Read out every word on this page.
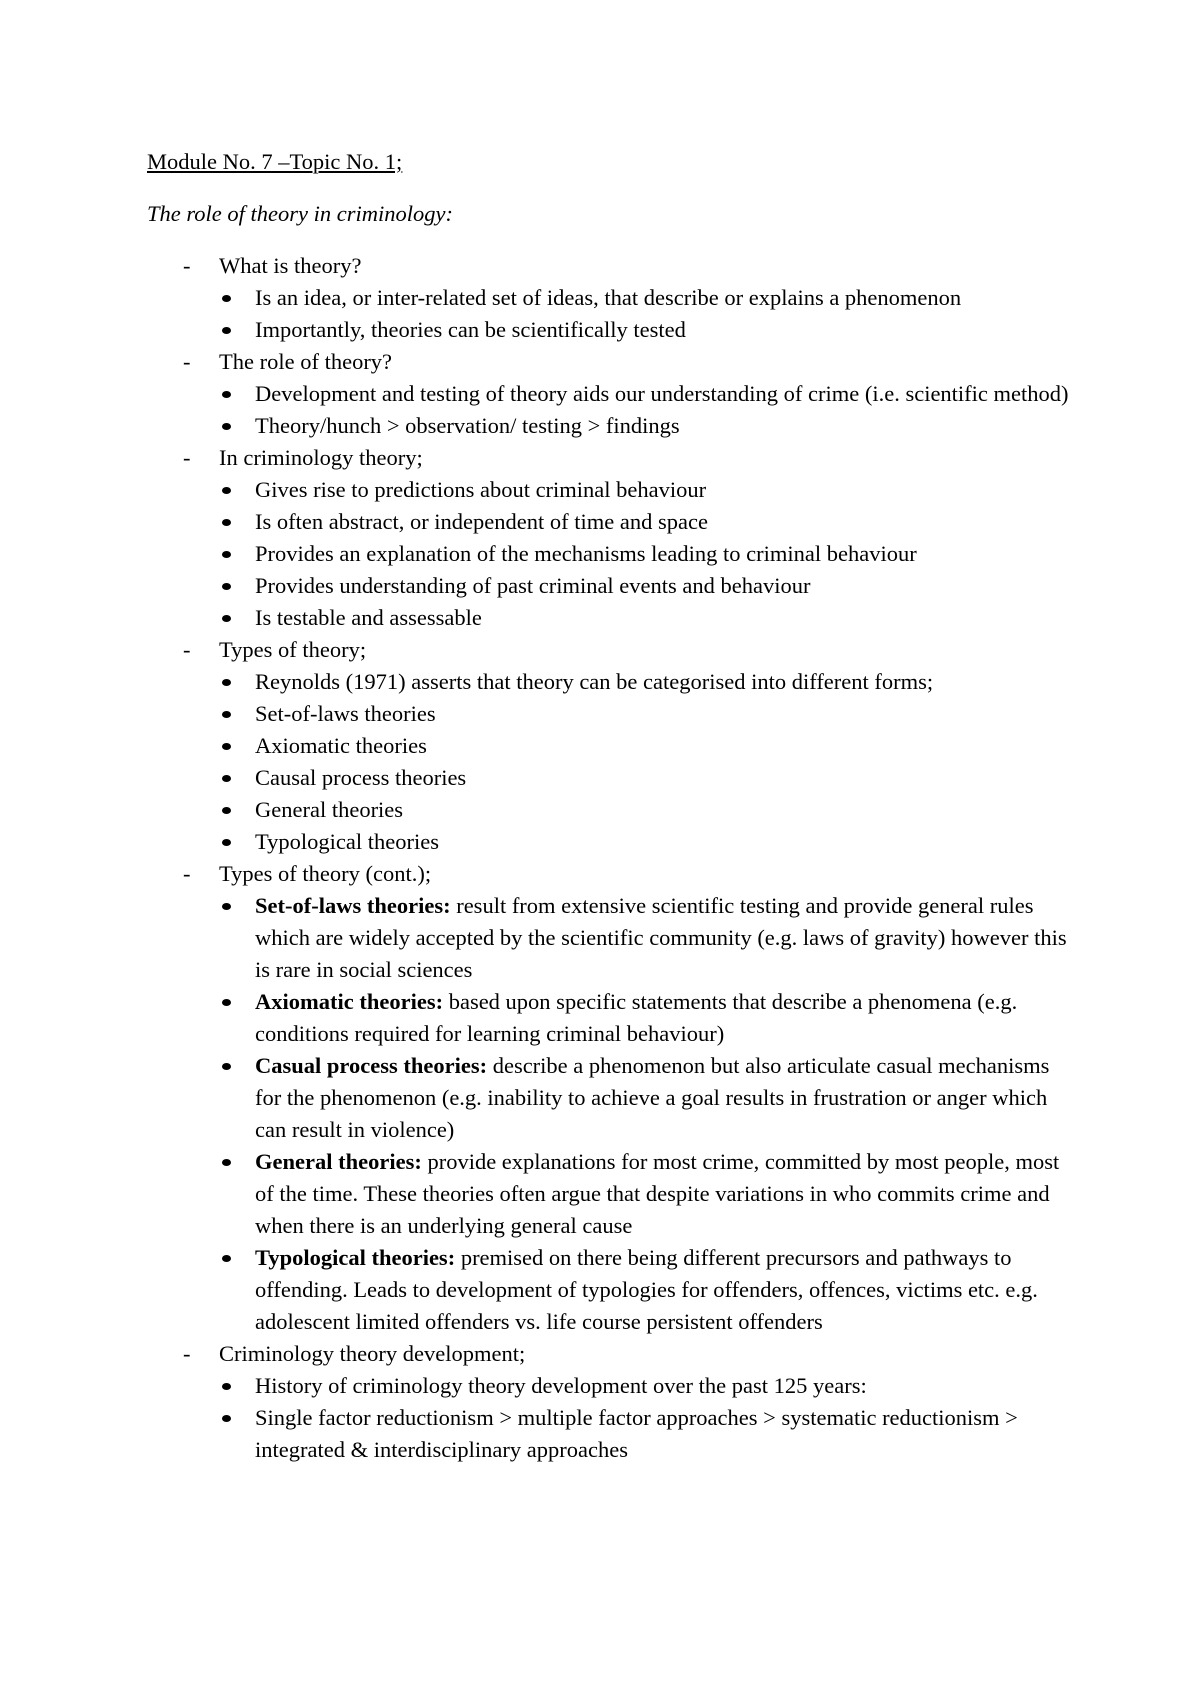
Module No. 7 –Topic No. 1;
The role of theory in criminology:
-	What is theory?
Is an idea, or inter-related set of ideas, that describe or explains a phenomenon
Importantly, theories can be scientifically tested
-	The role of theory?
Development and testing of theory aids our understanding of crime (i.e. scientific method)
Theory/hunch > observation/ testing > findings
-	In criminology theory;
Gives rise to predictions about criminal behaviour
Is often abstract, or independent of time and space
Provides an explanation of the mechanisms leading to criminal behaviour
Provides understanding of past criminal events and behaviour
Is testable and assessable
-	Types of theory;
Reynolds (1971) asserts that theory can be categorised into different forms;
Set-of-laws theories
Axiomatic theories
Causal process theories
General theories
Typological theories
-	Types of theory (cont.);
Set-of-laws theories: result from extensive scientific testing and provide general rules which are widely accepted by the scientific community (e.g. laws of gravity) however this is rare in social sciences
Axiomatic theories: based upon specific statements that describe a phenomena (e.g. conditions required for learning criminal behaviour)
Casual process theories: describe a phenomenon but also articulate casual mechanisms for the phenomenon (e.g. inability to achieve a goal results in frustration or anger which can result in violence)
General theories: provide explanations for most crime, committed by most people, most of the time. These theories often argue that despite variations in who commits crime and when there is an underlying general cause
Typological theories: premised on there being different precursors and pathways to offending. Leads to development of typologies for offenders, offences, victims etc. e.g. adolescent limited offenders vs. life course persistent offenders
-	Criminology theory development;
History of criminology theory development over the past 125 years:
Single factor reductionism > multiple factor approaches > systematic reductionism > integrated & interdisciplinary approaches
